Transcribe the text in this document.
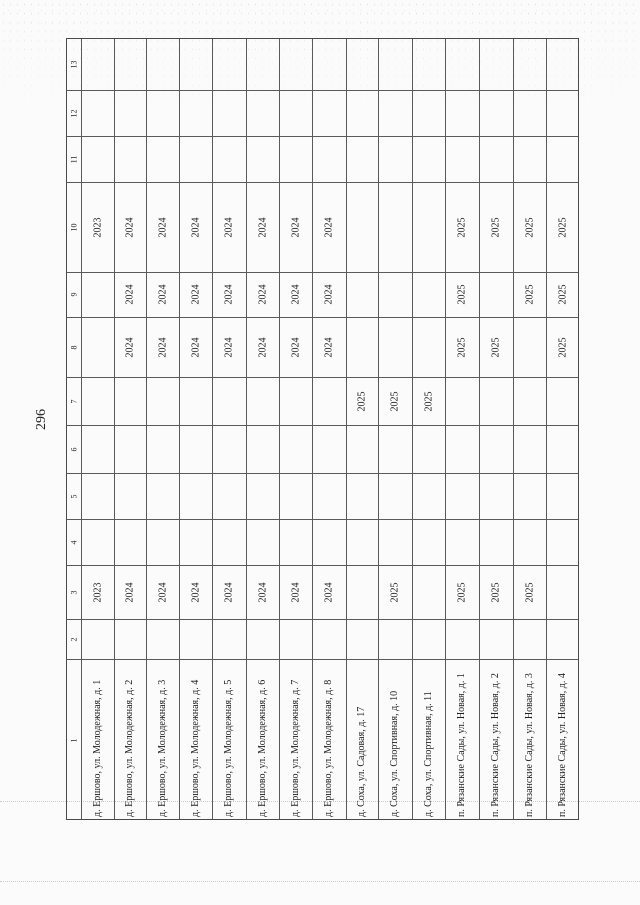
296
13
12
11
10
9
8
7
6
5
4
3
2
1
2023
2023
д. Ершово, ул. Молодежная, д. 1
2024
2024
2024
2024
д. Ершово, ул. Молодежная, д. 2
2024
2024
2024
2024
д. Ершово, ул. Молодежная, д. 3
2024
2024
2024
2024
д. Ершово, ул. Молодежная, д. 4
2024
2024
2024
2024
д. Ершово, ул. Молодежная, д. 5
2024
2024
2024
2024
д. Ершово, ул. Молодежная, д. 6
2024
2024
2024
2024
д. Ершово, ул. Молодежная, д. 7
2024
2024
2024
2024
д. Ершово, ул. Молодежная, д. 8
2025
д. Соха, ул. Садовая, д. 17
2025
2025
д. Соха, ул. Спортивная, д. 10
2025
д. Соха, ул. Спортивная, д. 11
2025
2025
2025
2025
п. Рязанские Сады, ул. Новая, д. 1
2025
2025
2025
п. Рязанские Сады, ул. Новая, д. 2
2025
2025
2025
п. Рязанские Сады, ул. Новая, д. 3
2025
2025
2025
п. Рязанские Сады, ул. Новая, д. 4
